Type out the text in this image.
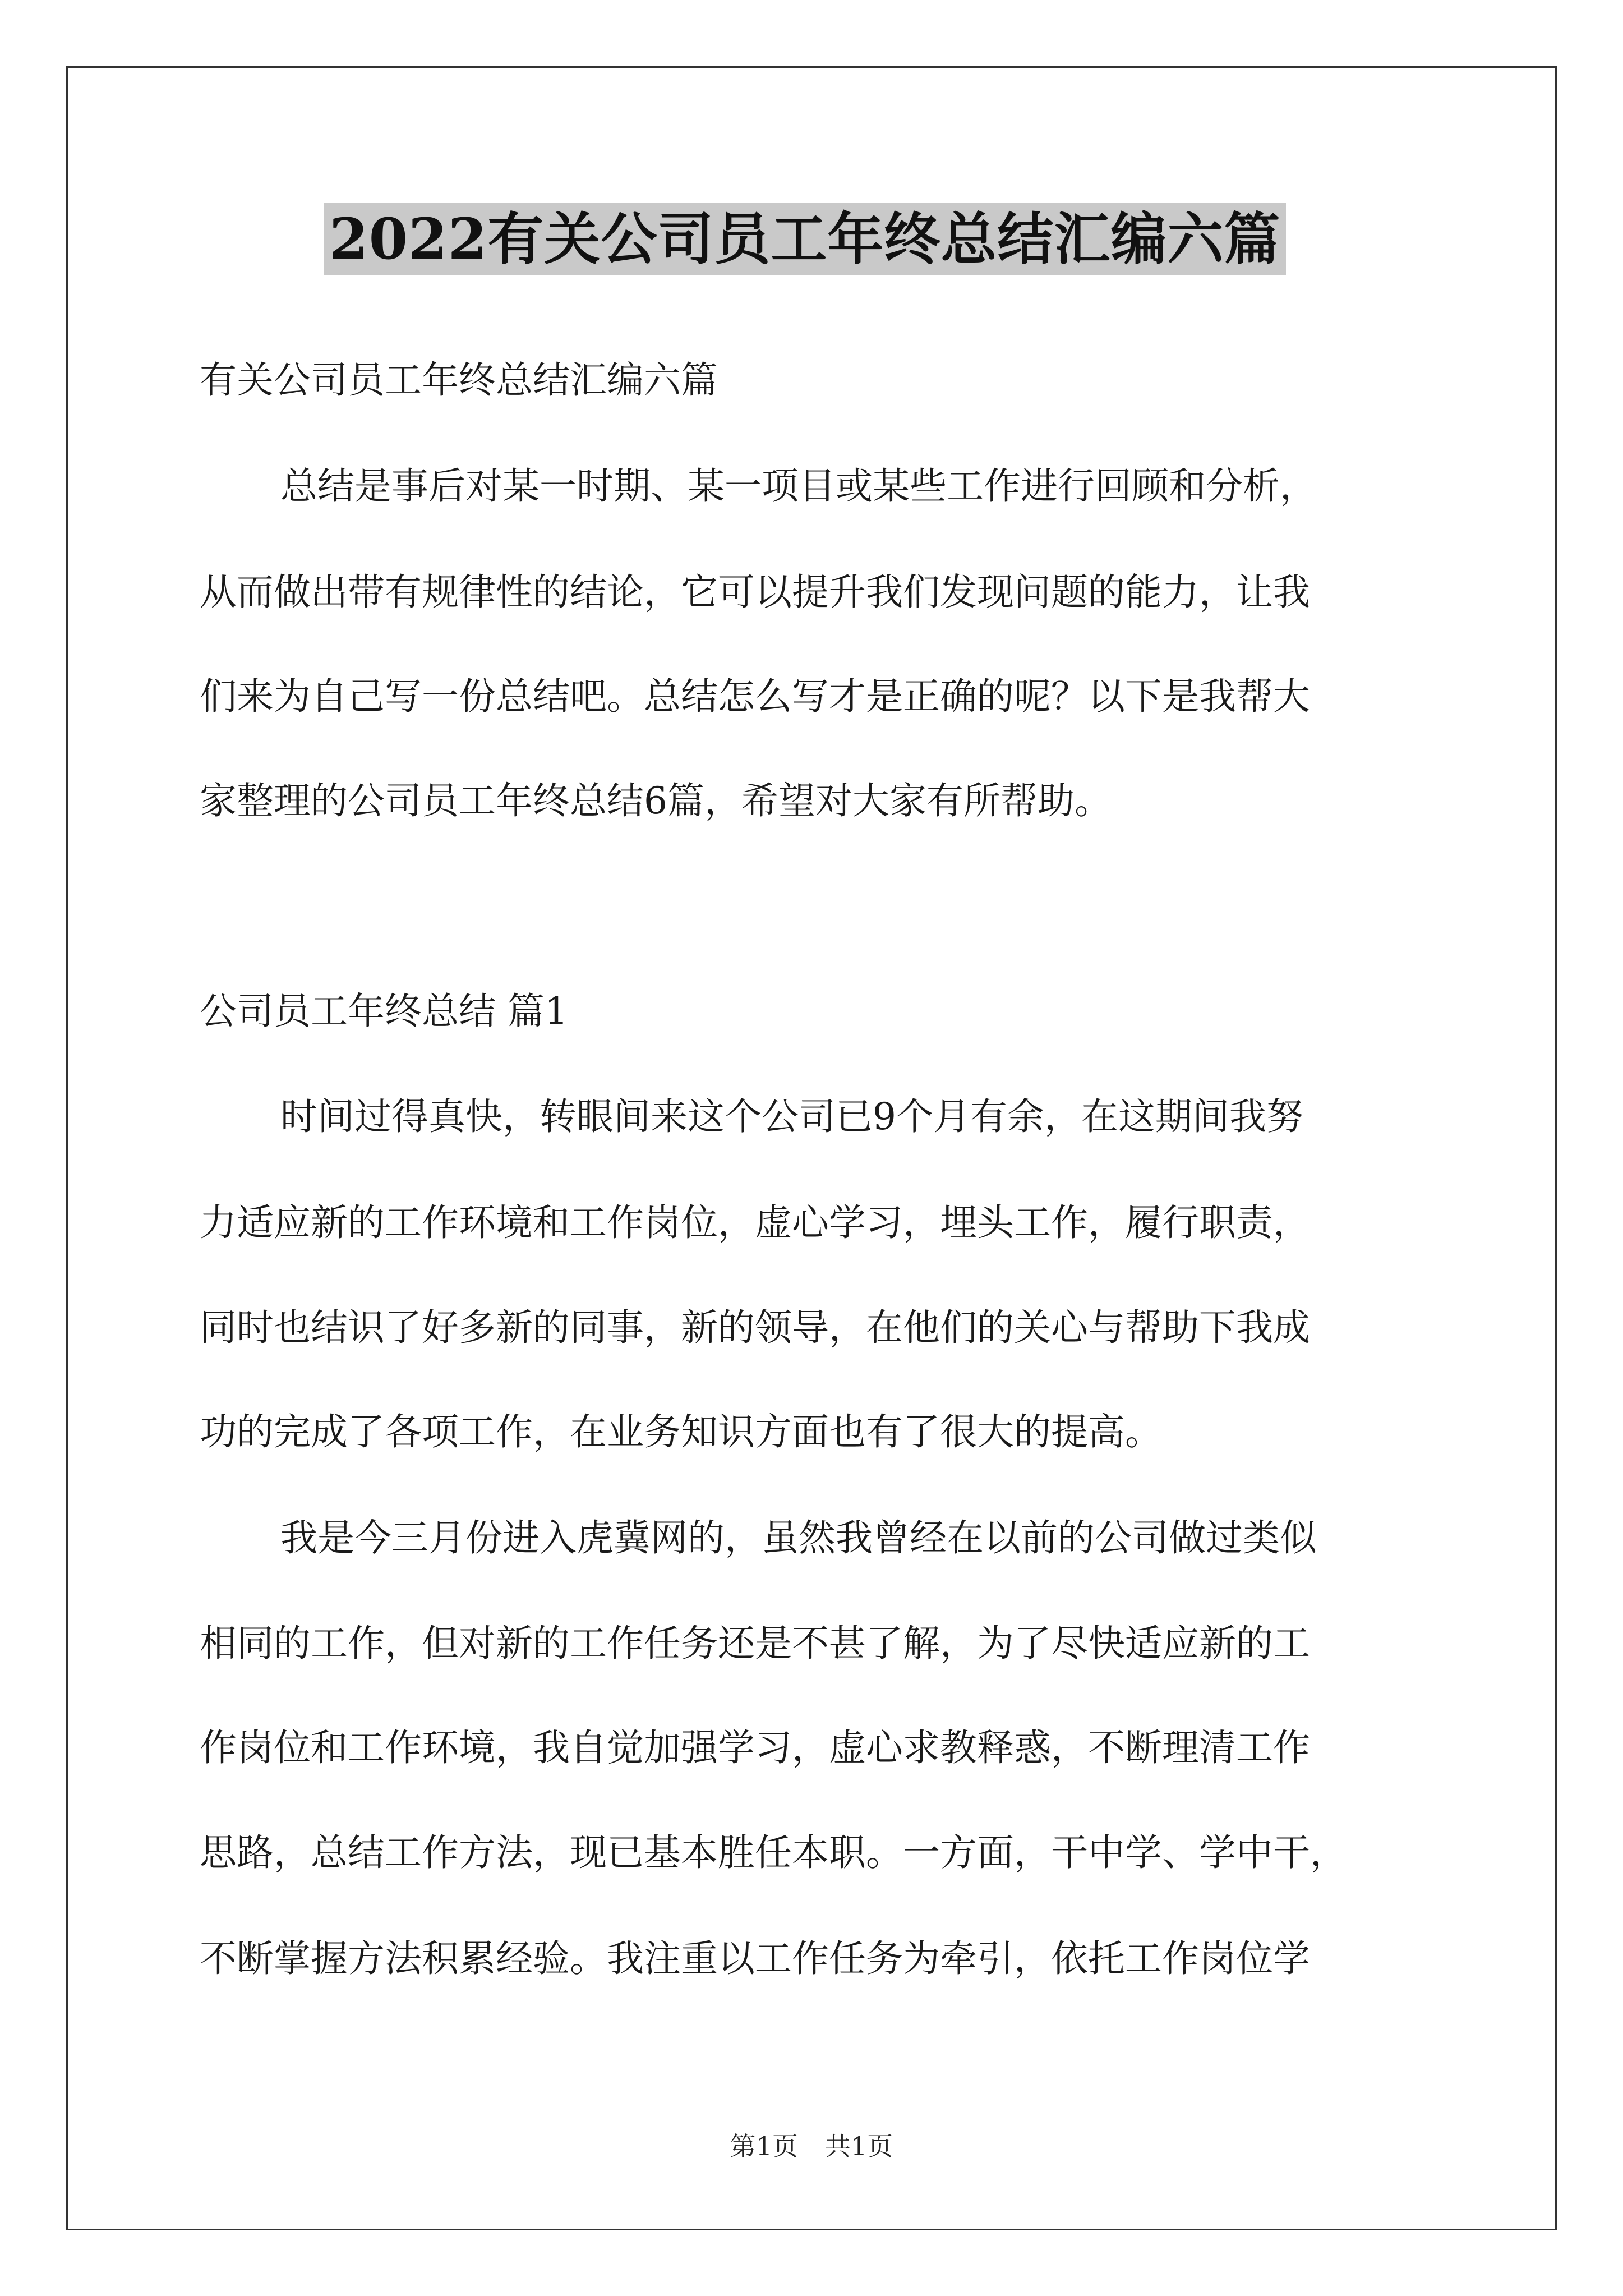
2022有关公司员工年终总结汇编六篇
有关公司员工年终总结汇编六篇
总结是事后对某一时期、某一项目或某些工作进行回顾和分析，
从而做出带有规律性的结论，它可以提升我们发现问题的能力，让我
们来为自己写一份总结吧。总结怎么写才是正确的呢？以下是我帮大
家整理的公司员工年终总结6篇，希望对大家有所帮助。
公司员工年终总结 篇1
时间过得真快，转眼间来这个公司已9个月有余，在这期间我努
力适应新的工作环境和工作岗位，虚心学习，埋头工作，履行职责，
同时也结识了好多新的同事，新的领导，在他们的关心与帮助下我成
功的完成了各项工作，在业务知识方面也有了很大的提高。
我是今三月份进入虎冀网的，虽然我曾经在以前的公司做过类似
相同的工作，但对新的工作任务还是不甚了解，为了尽快适应新的工
作岗位和工作环境，我自觉加强学习，虚心求教释惑，不断理清工作
思路，总结工作方法，现已基本胜任本职。一方面，干中学、学中干，
不断掌握方法积累经验。我注重以工作任务为牵引，依托工作岗位学
第1页 共1页
